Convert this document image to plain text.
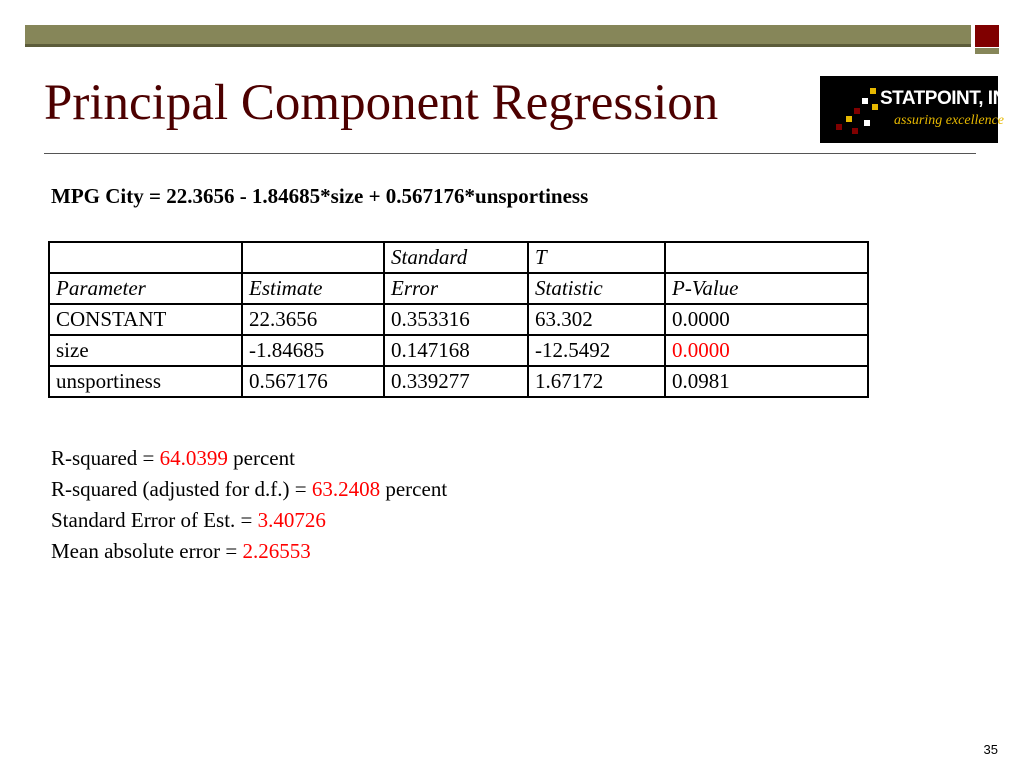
Principal Component Regression	STATPOINT, INC.
assuring excellence
MPG City = 22.3656 - 1.84685*size + 0.567176*unsportiness
		Standard	T	
Parameter	Estimate	Error	Statistic	P-Value
CONSTANT	22.3656	0.353316	63.302	0.0000
size	-1.84685	0.147168	-12.5492	0.0000
unsportiness	0.567176	0.339277	1.67172	0.0981
R-squared = 64.0399 percent
R-squared (adjusted for d.f.) = 63.2408 percent
Standard Error of Est. = 3.40726
Mean absolute error = 2.26553
35
